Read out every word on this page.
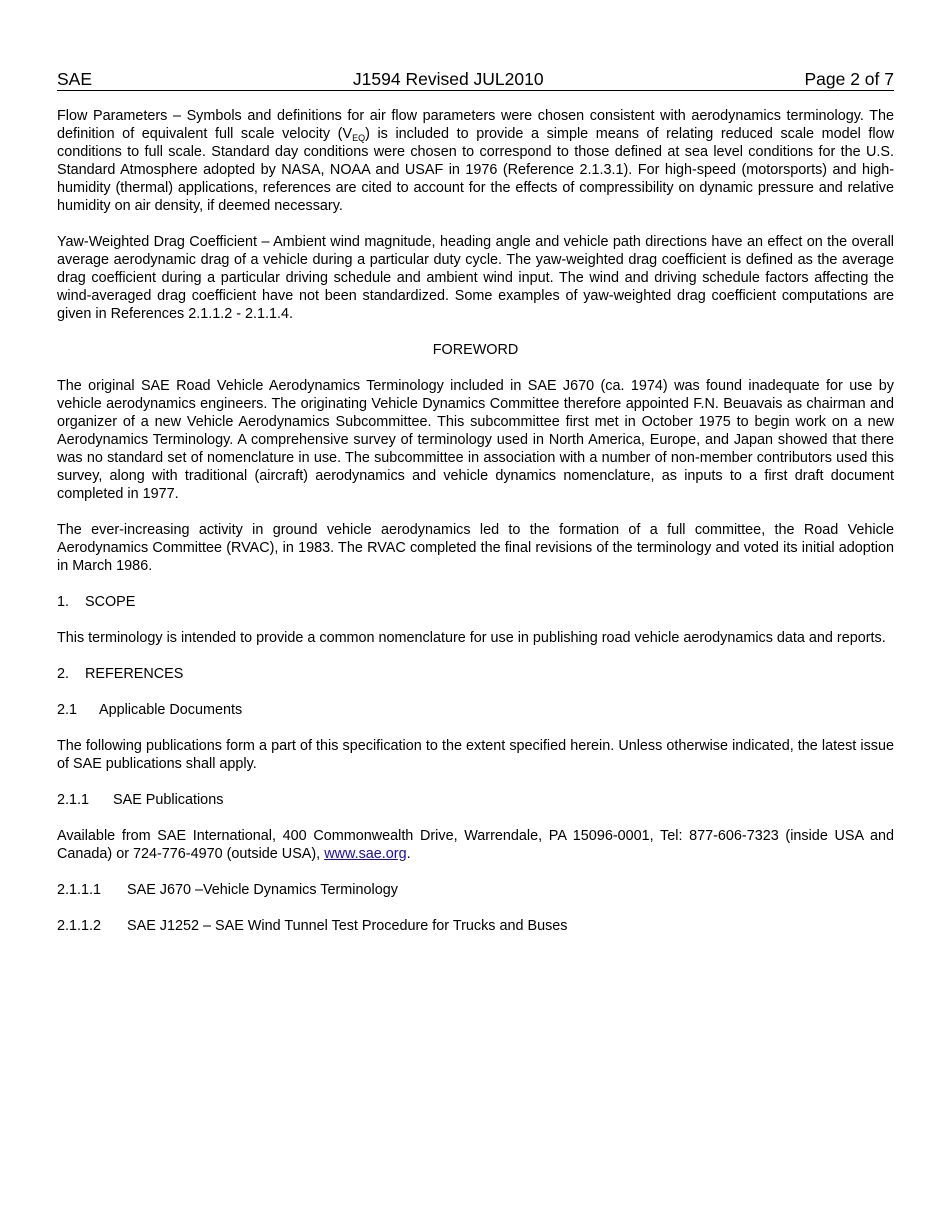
SAE	J1594 Revised JUL2010	Page 2 of 7

Flow Parameters – Symbols and definitions for air flow parameters were chosen consistent with aerodynamics terminology. The definition of equivalent full scale velocity $(V_{EQ})$ is included to provide a simple means of relating reduced scale model flow conditions to full scale. Standard day conditions were chosen to correspond to those defined at sea level conditions for the U.S. Standard Atmosphere adopted by NASA, NOAA and USAF in 1976 (Reference 2.1.3.1). For high-speed (motorsports) and high-humidity (thermal) applications, references are cited to account for the effects of compressibility on dynamic pressure and relative humidity on air density, if deemed necessary.

Yaw-Weighted Drag Coefficient – Ambient wind magnitude, heading angle and vehicle path directions have an effect on the overall average aerodynamic drag of a vehicle during a particular duty cycle. The yaw-weighted drag coefficient is defined as the average drag coefficient during a particular driving schedule and ambient wind input. The wind and driving schedule factors affecting the wind-averaged drag coefficient have not been standardized. Some examples of yaw-weighted drag coefficient computations are given in References 2.1.1.2 - 2.1.1.4.

FOREWORD

The original SAE Road Vehicle Aerodynamics Terminology included in SAE J670 (ca. 1974) was found inadequate for use by vehicle aerodynamics engineers. The originating Vehicle Dynamics Committee therefore appointed F.N. Beuavais as chairman and organizer of a new Vehicle Aerodynamics Subcommittee. This subcommittee first met in October 1975 to begin work on a new Aerodynamics Terminology. A comprehensive survey of terminology used in North America, Europe, and Japan showed that there was no standard set of nomenclature in use. The subcommittee in association with a number of non-member contributors used this survey, along with traditional (aircraft) aerodynamics and vehicle dynamics nomenclature, as inputs to a first draft document completed in 1977.

The ever-increasing activity in ground vehicle aerodynamics led to the formation of a full committee, the Road Vehicle Aerodynamics Committee (RVAC), in 1983. The RVAC completed the final revisions of the terminology and voted its initial adoption in March 1986.

1. SCOPE

This terminology is intended to provide a common nomenclature for use in publishing road vehicle aerodynamics data and reports.

2. REFERENCES
2.1 Applicable Documents

The following publications form a part of this specification to the extent specified herein. Unless otherwise indicated, the latest issue of SAE publications shall apply.

2.1.1 SAE Publications

Available from SAE International, 400 Commonwealth Drive, Warrendale, PA 15096-0001, Tel: 877-606-7323 (inside USA and Canada) or 724-776-4970 (outside USA), www.sae.org.

2.1.1.1 SAE J670 –Vehicle Dynamics Terminology
2.1.1.2 SAE J1252 – SAE Wind Tunnel Test Procedure for Trucks and Buses
